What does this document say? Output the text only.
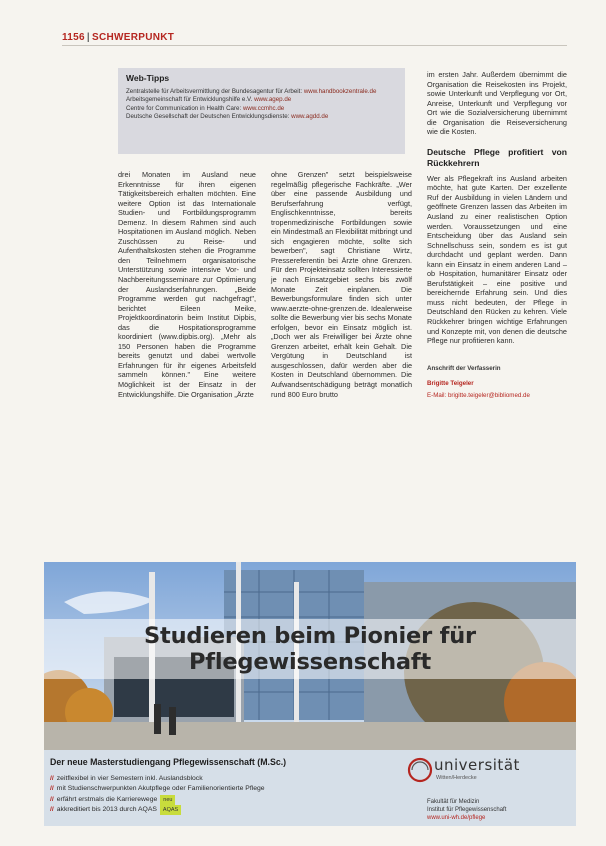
1156 | SCHWERPUNKT
Web-Tipps
Zentralstelle für Arbeitsvermittlung der Bundesagentur für Arbeit: www.handbookzentrale.de
Arbeitsgemeinschaft für Entwicklungshilfe e.V. www.agep.de
Centre for Communication in Health Care: www.ccmhc.de
Deutsche Gesellschaft der Deutschen Entwicklungsdienste: www.agdd.de

drei Monaten im Ausland neue Erkenntnisse für ihren eigenen Tätigkeitsbereich erhalten möchten. Eine weitere Option ist das Internationale Studien- und Fortbildungsprogramm Demenz. In diesem Rahmen sind auch Hospitationen im Ausland möglich. Neben Zuschüssen zu Reise- und Aufenthaltskosten stehen die Programme den Teilnehmern organisatorische Unterstützung sowie intensive Vor- und Nachbereitungsseminare zur Optimierung der Auslandserfahrungen. „Beide Programme werden gut nachgefragt", berichtet Eileen Meike, Projektkoordinatorin beim Institut Dipbis, das die Hospitationsprogramme koordiniert (www.dipbis.org). „Mehr als 150 Personen haben die Programme bereits genutzt und dabei wertvolle Erfahrungen für ihr eigenes Arbeitsfeld sammeln können." Eine weitere Möglichkeit ist der Einsatz in der Entwicklungshilfe. Die Organisation „Ärzte

ohne Grenzen" setzt beispielsweise regelmäßig pflegerische Fachkräfte. „Wer über eine passende Ausbildung und Berufserfahrung verfügt, Englischkenntnisse, bereits tropenmedizinische Fortbildungen sowie ein Mindestmaß an Flexibilität mitbringt und sich engagieren möchte, sollte sich bewerben", sagt Christiane Wirtz, Pressereferentin bei Ärzte ohne Grenzen. Für den Projekteinsatz sollten Interessierte je nach Einsatzgebiet sechs bis zwölf Monate Zeit einplanen. Die Bewerbungsformulare finden sich unter www.aerzte-ohne-grenzen.de. Idealerweise sollte die Bewerbung vier bis sechs Monate erfolgen, bevor ein Einsatz möglich ist. „Doch wer als Freiwilliger bei Ärzte ohne Grenzen arbeitet, erhält kein Gehalt. Die Vergütung in Deutschland ist ausgeschlossen, dafür werden aber die Kosten in Deutschland übernommen. Die Aufwandsentschädigung beträgt monatlich rund 800 Euro brutto

im ersten Jahr. Außerdem übernimmt die Organisation die Reisekosten ins Projekt, sowie Unterkunft und Verpflegung vor Ort, Anreise, Unterkunft und Verpflegung vor Ort wie die Sozialversicherung übernimmt die Organisation die Reiseversicherung wie die Kosten.

Deutsche Pflege profitiert von Rückkehrern

Wer als Pflegekraft ins Ausland arbeiten möchte, hat gute Karten. Der exzellente Ruf der Ausbildung in vielen Ländern und geöffnete Grenzen lassen das Arbeiten im Ausland zu einer realistischen Option werden. Voraussetzungen und eine Entscheidung über das Ausland sein Schnellschuss sein, sondern es ist gut durchdacht und geplant werden. Dann kann ein Einsatz in einem anderen Land – ob Hospitation, humanitärer Einsatz oder Berufstätigkeit – eine positive und bereichernde Erfahrung sein. Und dies muss nicht bedeuten, der Pflege in Deutschland den Rücken zu kehren. Viele Rückkehrer bringen wichtige Erfahrungen und Konzepte mit, von denen die deutsche Pflege nur profitieren kann.

Anschrift der Verfasserin
Brigitte Teigeler
E-Mail: brigitte.teigeler@bibliomed.de
Studieren beim Pionier für Pflegewissenschaft
Der neue Masterstudiengang Pflegewissenschaft (M.Sc.)
// zeitflexibel in vier Semestern inkl. Auslandsblock
// mit Studienschwerpunkten Akutpflege oder Familienorientierte Pflege
// erfährt erstmals die Karrierewege neu
// akkreditiert bis 2013 durch AQAS AQAS
universität
Witten/Herdecke
Fakultät für Medizin
Institut für Pflegewissenschaft
www.uni-wh.de/pflege
